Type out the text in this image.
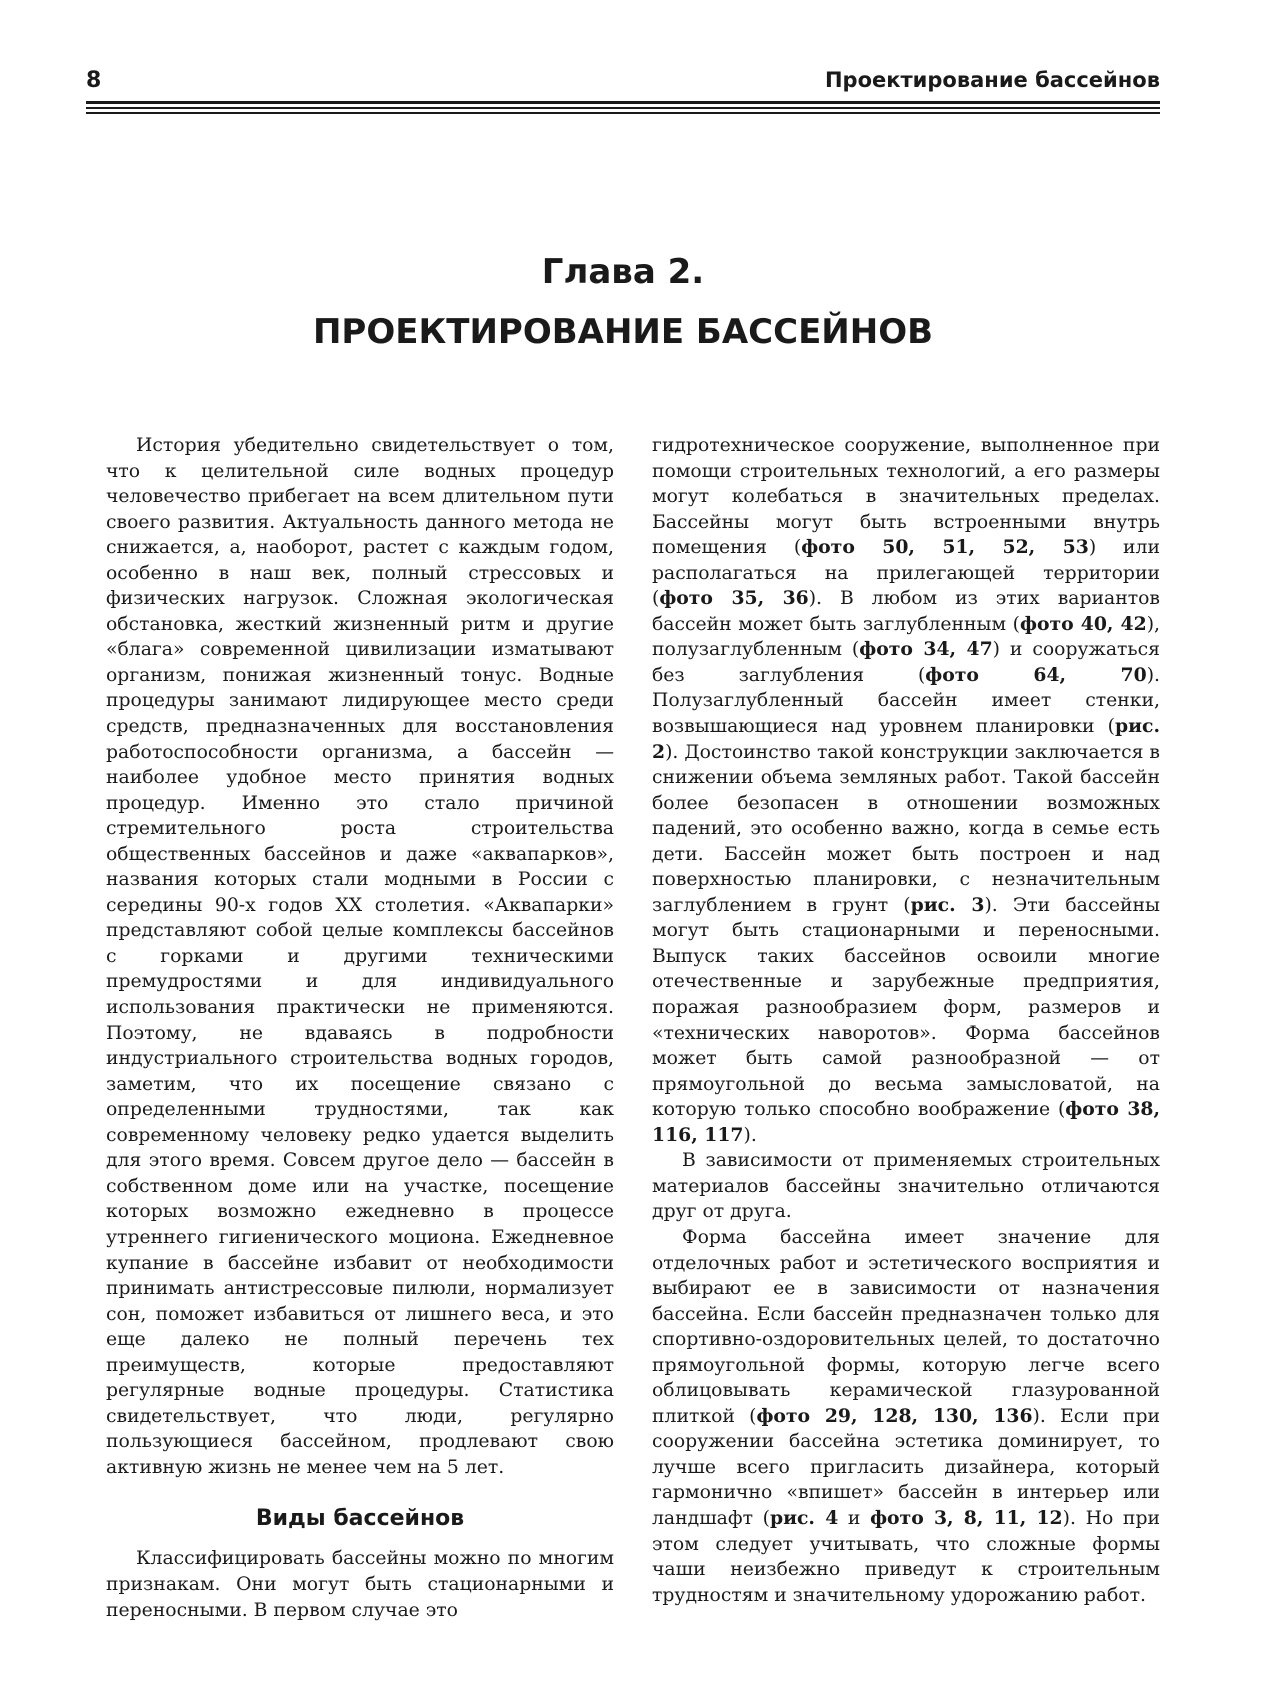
8	Проектирование бассейнов
Глава 2.
ПРОЕКТИРОВАНИЕ БАССЕЙНОВ

История убедительно свидетельствует о том, что к целительной силе водных процедур человечество прибегает на всем длительном пути своего развития. Актуальность данного метода не снижается, а, наоборот, растет с каждым годом, особенно в наш век, полный стрессовых и физических нагрузок. Сложная экологическая обстановка, жесткий жизненный ритм и другие «блага» современной цивилизации изматывают организм, понижая жизненный тонус. Водные процедуры занимают лидирующее место среди средств, предназначенных для восстановления работоспособности организма, а бассейн — наиболее удобное место принятия водных процедур. Именно это стало причиной стремительного роста строительства общественных бассейнов и даже «аквапарков», названия которых стали модными в России с середины 90-х годов XX столетия. «Аквапарки» представляют собой целые комплексы бассейнов с горками и другими техническими премудростями и для индивидуального использования практически не применяются. Поэтому, не вдаваясь в подробности индустриального строительства водных городов, заметим, что их посещение связано с определенными трудностями, так как современному человеку редко удается выделить для этого время. Совсем другое дело — бассейн в собственном доме или на участке, посещение которых возможно ежедневно в процессе утреннего гигиенического моциона. Ежедневное купание в бассейне избавит от необходимости принимать антистрессовые пилюли, нормализует сон, поможет избавиться от лишнего веса, и это еще далеко не полный перечень тех преимуществ, которые предоставляют регулярные водные процедуры. Статистика свидетельствует, что люди, регулярно пользующиеся бассейном, продлевают свою активную жизнь не менее чем на 5 лет.

Виды бассейнов

Классифицировать бассейны можно по многим признакам. Они могут быть стационарными и переносными. В первом случае это

гидротехническое сооружение, выполненное при помощи строительных технологий, а его размеры могут колебаться в значительных пределах. Бассейны могут быть встроенными внутрь помещения (фото 50, 51, 52, 53) или располагаться на прилегающей территории (фото 35, 36). В любом из этих вариантов бассейн может быть заглубленным (фото 40, 42), полузаглубленным (фото 34, 47) и сооружаться без заглубления (фото 64, 70). Полузаглубленный бассейн имеет стенки, возвышающиеся над уровнем планировки (рис. 2). Достоинство такой конструкции заключается в снижении объема земляных работ. Такой бассейн более безопасен в отношении возможных падений, это особенно важно, когда в семье есть дети. Бассейн может быть построен и над поверхностью планировки, с незначительным заглублением в грунт (рис. 3). Эти бассейны могут быть стационарными и переносными. Выпуск таких бассейнов освоили многие отечественные и зарубежные предприятия, поражая разнообразием форм, размеров и «технических наворотов». Форма бассейнов может быть самой разнообразной — от прямоугольной до весьма замысловатой, на которую только способно воображение (фото 38, 116, 117).

В зависимости от применяемых строительных материалов бассейны значительно отличаются друг от друга.

Форма бассейна имеет значение для отделочных работ и эстетического восприятия и выбирают ее в зависимости от назначения бассейна. Если бассейн предназначен только для спортивно-оздоровительных целей, то достаточно прямоугольной формы, которую легче всего облицовывать керамической глазурованной плиткой (фото 29, 128, 130, 136). Если при сооружении бассейна эстетика доминирует, то лучше всего пригласить дизайнера, который гармонично «впишет» бассейн в интерьер или ландшафт (рис. 4 и фото 3, 8, 11, 12). Но при этом следует учитывать, что сложные формы чаши неизбежно приведут к строительным трудностям и значительному удорожанию работ.
